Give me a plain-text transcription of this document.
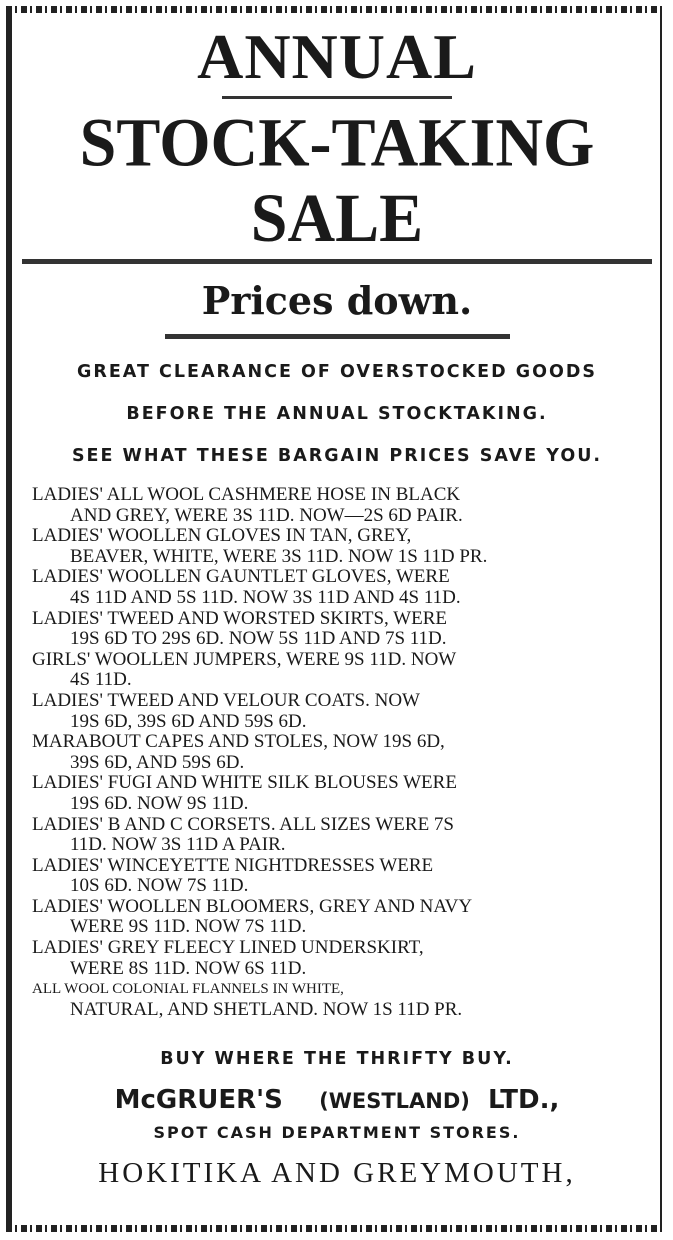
ANNUAL
STOCK-TAKING SALE
Prices down.
GREAT CLEARANCE OF OVERSTOCKED GOODS
BEFORE THE ANNUAL STOCKTAKING.
SEE WHAT THESE BARGAIN PRICES SAVE YOU.

LADIES' ALL WOOL CASHMERE HOSE IN BLACK
AND GREY, WERE 3S 11D. NOW—2S 6D PAIR.

LADIES' WOOLLEN GLOVES IN TAN, GREY,
BEAVER, WHITE, WERE 3S 11D. NOW 1S 11D PR.

LADIES' WOOLLEN GAUNTLET GLOVES, WERE
4S 11D AND 5S 11D. NOW 3S 11D AND 4S 11D.

LADIES' TWEED AND WORSTED SKIRTS, WERE
19S 6D TO 29S 6D. NOW 5S 11D AND 7S 11D.

GIRLS' WOOLLEN JUMPERS, WERE 9S 11D. NOW
4S 11D.

LADIES' TWEED AND VELOUR COATS. NOW
19S 6D, 39S 6D AND 59S 6D.

MARABOUT CAPES AND STOLES, NOW 19S 6D,
39S 6D, AND 59S 6D.

LADIES' FUGI AND WHITE SILK BLOUSES WERE
19S 6D. NOW 9S 11D.

LADIES' B AND C CORSETS. ALL SIZES WERE 7S
11D. NOW 3S 11D A PAIR.

LADIES' WINCEYETTE NIGHTDRESSES WERE
10S 6D. NOW 7S 11D.

LADIES' WOOLLEN BLOOMERS, GREY AND NAVY
WERE 9S 11D. NOW 7S 11D.

LADIES' GREY FLEECY LINED UNDERSKIRT,
WERE 8S 11D. NOW 6S 11D.

ALL WOOL COLONIAL FLANNELS IN WHITE,
NATURAL, AND SHETLAND. NOW 1S 11D PR.

BUY WHERE THE THRIFTY BUY.
McGRUER'S (WESTLAND) LTD.,
SPOT CASH DEPARTMENT STORES.
HOKITIKA AND GREYMOUTH,
